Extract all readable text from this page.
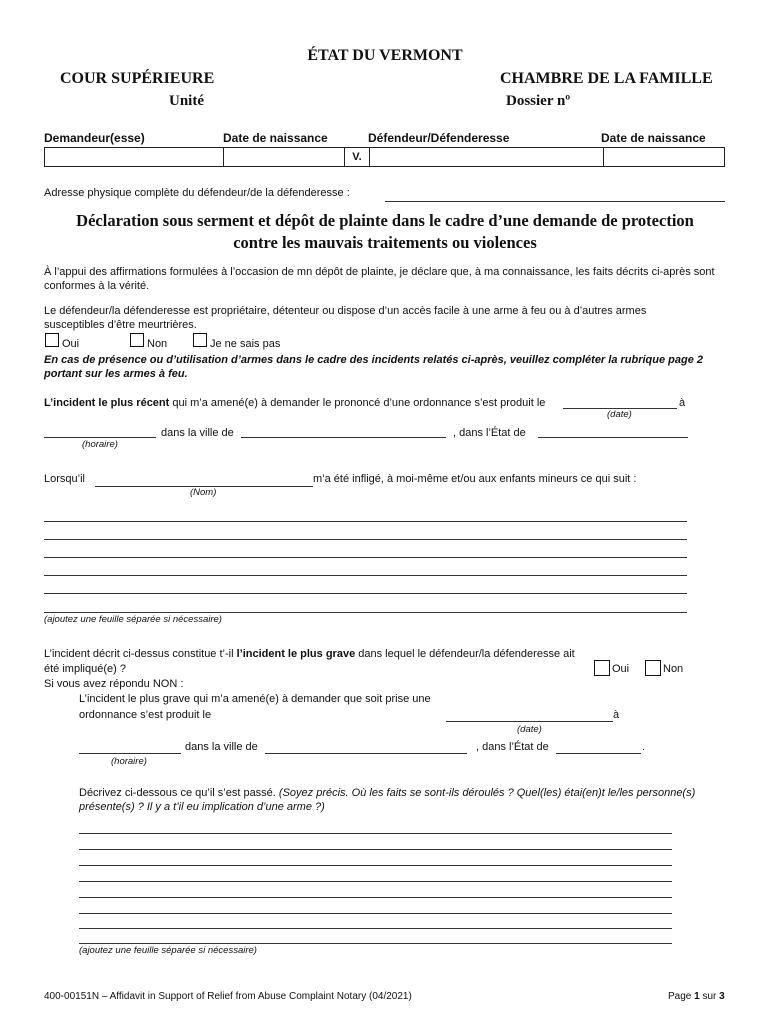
ÉTAT DU VERMONT
COUR SUPÉRIEURE
Unité
CHAMBRE DE LA FAMILLE
Dossier nº
Demandeur(esse)	Date de naissance	Défendeur/Défenderesse	Date de naissance
		V.		
Adresse physique complète du défendeur/de la défenderesse :
Déclaration sous serment et dépôt de plainte dans le cadre d’une demande de protection
contre les mauvais traitements ou violences
À l’appui des affirmations formulées à l’occasion de mn dépôt de plainte, je déclare que, à ma connaissance, les faits décrits ci-après sont conformes à la vérité.
Le défendeur/la défenderesse est propriétaire, détenteur ou dispose d’un accès facile à une arme à feu ou à d’autres armes susceptibles d’être meurtrières.
Oui	Non	Je ne sais pas
En cas de présence ou d’utilisation d’armes dans le cadre des incidents relatés ci-après, veuillez compléter la rubrique page 2 portant sur les armes à feu.
L’incident le plus récent qui m’a amené(e) à demander le prononcé d’une ordonnance s’est produit le	à
(date)
dans la ville de	, dans l’État de
(horaire)
Lorsqu’il	m’a été infligé, à moi-même et/ou aux enfants mineurs ce qui suit :
(Nom)
(ajoutez une feuille séparée si nécessaire)
L’incident décrit ci-dessus constitue t’-il l’incident le plus grave dans lequel le défendeur/la défenderesse ait
été impliqué(e) ?	Oui	Non
Si vous avez répondu NON :
L’incident le plus grave qui m’a amené(e) à demander que soit prise une
ordonnance s’est produit le	à
(date)
dans la ville de	, dans l’État de	.
(horaire)
Décrivez ci-dessous ce qu’il s’est passé. (Soyez précis. Où les faits se sont-ils déroulés ? Quel(les) étai(en)t le/les personne(s) présente(s) ? Il y a t’il eu implication d’une arme ?)
(ajoutez une feuille séparée si nécessaire)
400-00151N – Affidavit in Support of Relief from Abuse Complaint Notary (04/2021)	Page 1 sur 3
